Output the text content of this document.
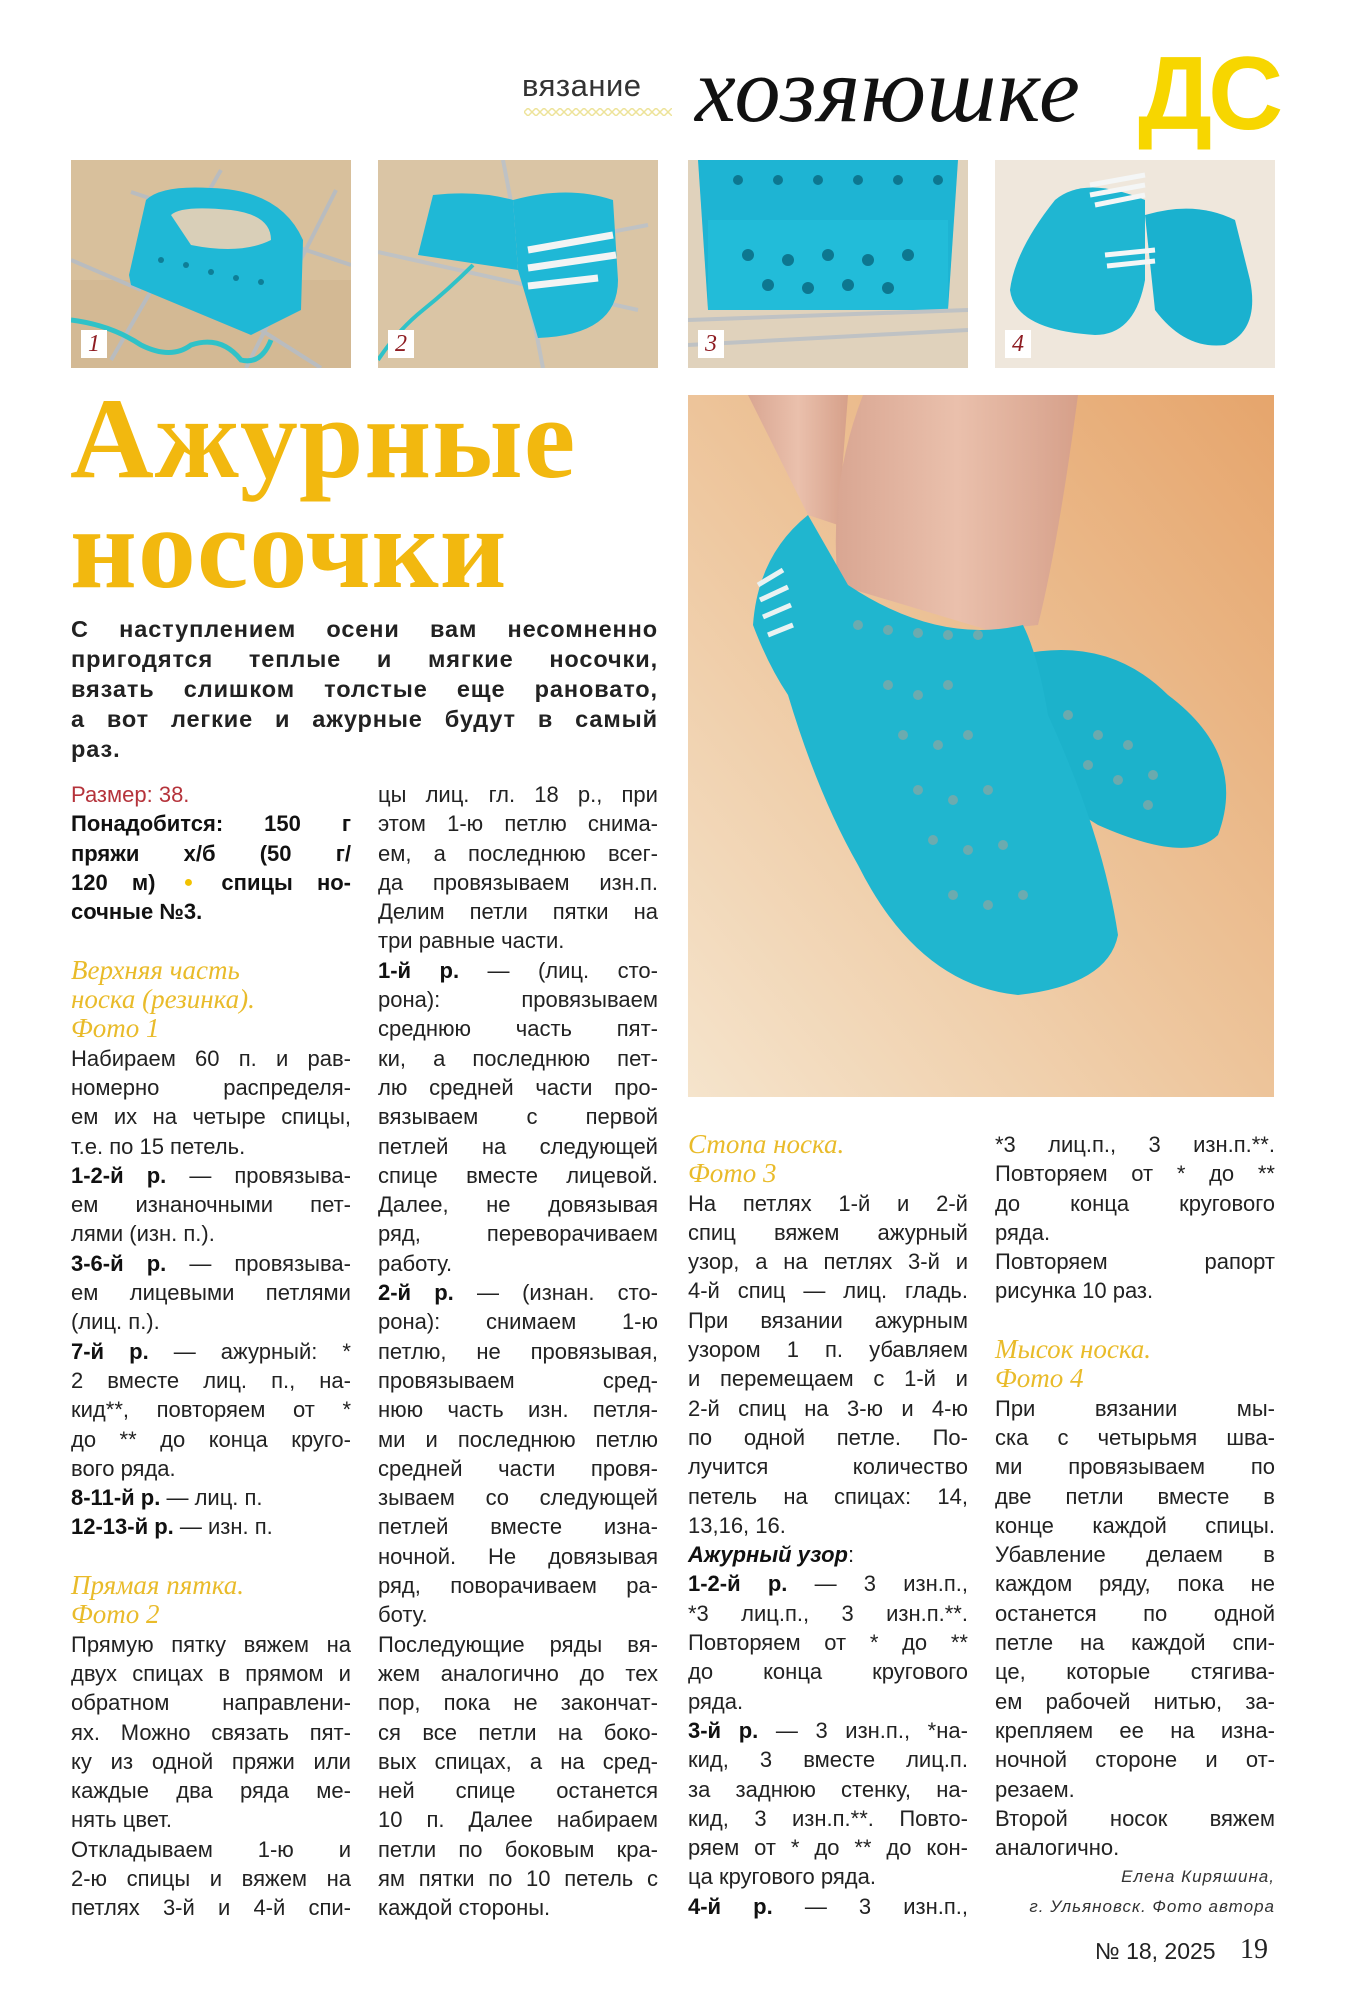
вязание хозяюшке ДС
1	2	3	4
Ажурные
носочки
С наступлением осени вам несомненно
пригодятся теплые и мягкие носочки,
вязать слишком толстые еще рановато,
а вот легкие и ажурные будут в самый
раз.
Размер: 38.
Понадобится: 150 г
пряжи х/б (50 г/
120 м) ● спицы но-
сочные №3.
Верхняя часть
носка (резинка).
Фото 1
Набираем 60 п. и рав-
номерно	распределя-
ем их на четыре спицы,
т.е. по 15 петель.
1-2-й р. — провязыва-
ем изнаночными пет-
лями (изн. п.).
3-6-й р. — провязыва-
ем лицевыми петлями
(лиц. п.).
7-й р. — ажурный: *
2 вместе лиц. п., на-
кид**, повторяем от *
до ** до конца круго-
вого ряда.
8-11-й р. — лиц. п.
12-13-й р. — изн. п.
Прямая пятка.
Фото 2
Прямую пятку вяжем на
двух спицах в прямом и
обратном направлени-
ях. Можно связать пят-
ку из одной пряжи или
каждые два ряда ме-
нять цвет.
Откладываем 1-ю и
2-ю спицы и вяжем на
петлях 3-й и 4-й спи-
цы лиц. гл. 18 р., при
этом 1-ю петлю снима-
ем, а последнюю всег-
да провязываем изн.п.
Делим петли пятки на
три равные части.
1-й р. — (лиц. сто-
рона):	провязываем
среднюю часть пят-
ки, а последнюю пет-
лю средней части про-
вязываем с первой
петлей на следующей
спице вместе лицевой.
Далее, не довязывая
ряд,	переворачиваем
работу.
2-й р. — (изнан. сто-
рона): снимаем 1-ю
петлю, не провязывая,
провязываем	сред-
нюю часть изн. петля-
ми и последнюю петлю
средней части провя-
зываем со следующей
петлей вместе изна-
ночной. Не довязывая
ряд, поворачиваем ра-
боту.
Последующие ряды вя-
жем аналогично до тех
пор, пока не закончат-
ся все петли на боко-
вых спицах, а на сред-
ней спице останется
10 п. Далее набираем
петли по боковым кра-
ям пятки по 10 петель с
каждой стороны.
Стопа носка.
Фото 3
На петлях 1-й и 2-й
спиц вяжем ажурный
узор, а на петлях 3-й и
4-й спиц — лиц. гладь.
При вязании ажурным
узором 1 п. убавляем
и перемещаем с 1-й и
2-й спиц на 3-ю и 4-ю
по одной петле. По-
лучится	количество
петель на спицах: 14,
13,16, 16.
Ажурный узор :
1-2-й р. — 3 изн.п.,
*3 лиц.п., 3 изн.п.**.
Повторяем от * до **
до конца кругового
ряда.
3-й р. — 3 изн.п., *на-
кид, 3 вместе лиц.п.
за заднюю стенку, на-
кид, 3 изн.п.**. Повто-
ряем от * до ** до кон-
ца кругового ряда.
4-й р. — 3 изн.п.,
*3 лиц.п., 3 изн.п.**.
Повторяем от * до **
до конца кругового
ряда.
Повторяем	рапорт
рисунка 10 раз.
Мысок носка.
Фото 4
При	вязании	мы-
ска с четырьмя шва-
ми провязываем по
две петли вместе в
конце каждой спицы.
Убавление делаем в
каждом ряду, пока не
останется по одной
петле на каждой спи-
це, которые стягива-
ем рабочей нитью, за-
крепляем ее на изна-
ночной стороне и от-
резаем.
Второй носок вяжем
аналогично.
Елена Киряшина,
г. Ульяновск. Фото автора
№ 18, 2025 19
